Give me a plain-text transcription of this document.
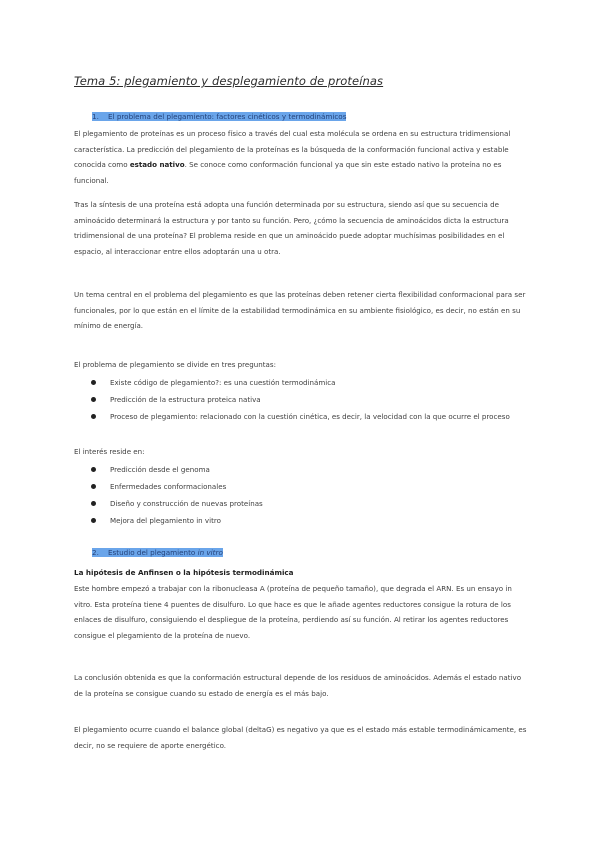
Tema 5: plegamiento y desplegamiento de proteínas
1. El problema del plegamiento: factores cinéticos y termodinámicos

El plegamiento de proteínas es un proceso físico a través del cual esta molécula se ordena en su estructura tridimensional característica. La predicción del plegamiento de la proteínas es la búsqueda de la conformación funcional activa y estable conocida como estado nativo. Se conoce como conformación funcional ya que sin este estado nativo la proteína no es funcional.

Tras la síntesis de una proteína está adopta una función determinada por su estructura, siendo así que su secuencia de aminoácido determinará la estructura y por tanto su función. Pero, ¿cómo la secuencia de aminoácidos dicta la estructura tridimensional de una proteína? El problema reside en que un aminoácido puede adoptar muchísimas posibilidades en el espacio, al interaccionar entre ellos adoptarán una u otra.

Un tema central en el problema del plegamiento es que las proteínas deben retener cierta flexibilidad conformacional para ser funcionales, por lo que están en el límite de la estabilidad termodinámica en su ambiente fisiológico, es decir, no están en su mínimo de energía.

El problema de plegamiento se divide en tres preguntas:
Existe código de plegamiento?: es una cuestión termodinámica
Predicción de la estructura proteica nativa
Proceso de plegamiento: relacionado con la cuestión cinética, es decir, la velocidad con la que ocurre el proceso
El interés reside en:
Predicción desde el genoma
Enfermedades conformacionales
Diseño y construcción de nuevas proteínas
Mejora del plegamiento in vitro
2. Estudio del plegamiento in vitro
La hipótesis de Anfinsen o la hipótesis termodinámica

Este hombre empezó a trabajar con la ribonucleasa A (proteína de pequeño tamaño), que degrada el ARN. Es un ensayo in vitro. Esta proteína tiene 4 puentes de disulfuro. Lo que hace es que le añade agentes reductores consigue la rotura de los enlaces de disulfuro, consiguiendo el despliegue de la proteína, perdiendo así su función. Al retirar los agentes reductores consigue el plegamiento de la proteína de nuevo.

La conclusión obtenida es que la conformación estructural depende de los residuos de aminoácidos. Además el estado nativo de la proteína se consigue cuando su estado de energía es el más bajo.

El plegamiento ocurre cuando el balance global (deltaG) es negativo ya que es el estado más estable termodinámicamente, es decir, no se requiere de aporte energético.
